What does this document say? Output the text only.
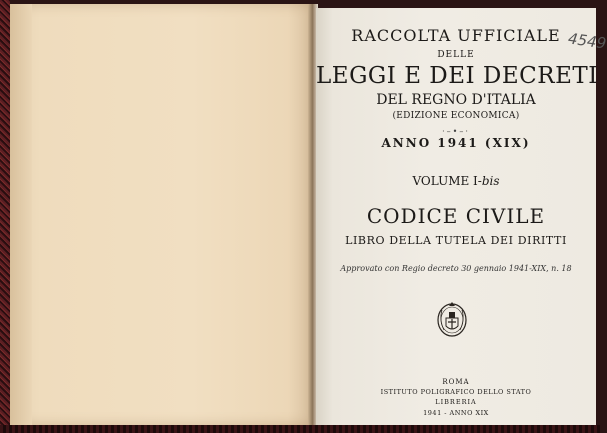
RACCOLTA UFFICIALE
DELLE
LEGGI E DEI DECRETI
DEL REGNO D'ITALIA
(EDIZIONE ECONOMICA)
·–•–·
ANNO 1941 (XIX)
VOLUME I-bis
CODICE CIVILE
LIBRO DELLA TUTELA DEI DIRITTI
Approvato con Regio decreto 30 gennaio 1941-XIX, n. 18
ROMA
ISTITUTO POLIGRAFICO DELLO STATO
LIBRERIA
1941 - ANNO XIX
4549
